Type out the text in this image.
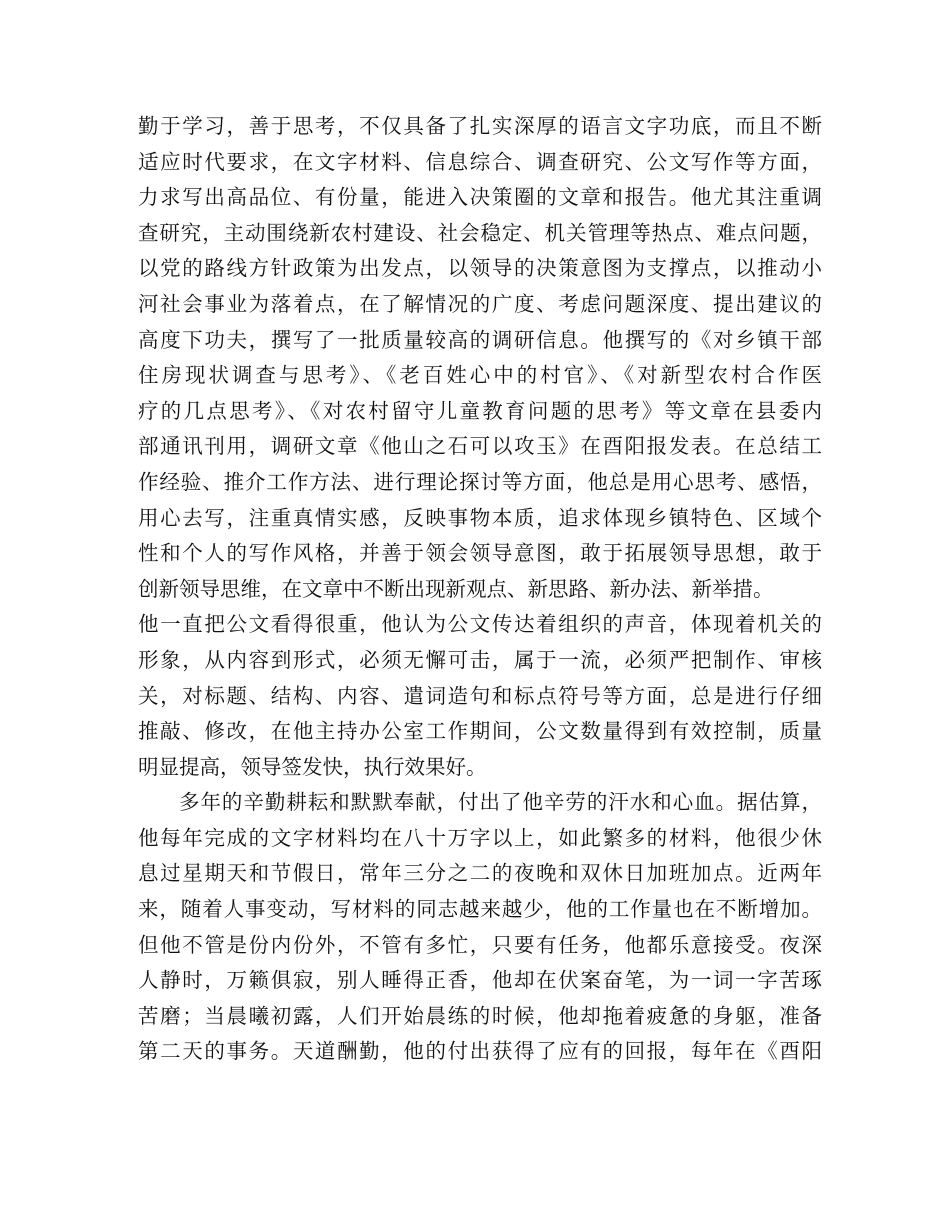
勤于学习，善于思考，不仅具备了扎实深厚的语言文字功底，而且不断
适应时代要求，在文字材料、信息综合、调查研究、公文写作等方面，
力求写出高品位、有份量，能进入决策圈的文章和报告。他尤其注重调
查研究，主动围绕新农村建设、社会稳定、机关管理等热点、难点问题，
以党的路线方针政策为出发点，以领导的决策意图为支撑点，以推动小
河社会事业为落着点，在了解情况的广度、考虑问题深度、提出建议的
高度下功夫，撰写了一批质量较高的调研信息。他撰写的《对乡镇干部
住房现状调查与思考》、《老百姓心中的村官》、《对新型农村合作医
疗的几点思考》、《对农村留守儿童教育问题的思考》等文章在县委内
部通讯刊用，调研文章《他山之石可以攻玉》在酉阳报发表。在总结工
作经验、推介工作方法、进行理论探讨等方面，他总是用心思考、感悟，
用心去写，注重真情实感，反映事物本质，追求体现乡镇特色、区域个
性和个人的写作风格，并善于领会领导意图，敢于拓展领导思想，敢于
创新领导思维，在文章中不断出现新观点、新思路、新办法、新举措。
他一直把公文看得很重，他认为公文传达着组织的声音，体现着机关的
形象，从内容到形式，必须无懈可击，属于一流，必须严把制作、审核
关，对标题、结构、内容、遣词造句和标点符号等方面，总是进行仔细
推敲、修改，在他主持办公室工作期间，公文数量得到有效控制，质量
明显提高，领导签发快，执行效果好。
多年的辛勤耕耘和默默奉献，付出了他辛劳的汗水和心血。据估算，
他每年完成的文字材料均在八十万字以上，如此繁多的材料，他很少休
息过星期天和节假日，常年三分之二的夜晚和双休日加班加点。近两年
来，随着人事变动，写材料的同志越来越少，他的工作量也在不断增加。
但他不管是份内份外，不管有多忙，只要有任务，他都乐意接受。夜深
人静时，万籁俱寂，别人睡得正香，他却在伏案奋笔，为一词一字苦琢
苦磨；当晨曦初露，人们开始晨练的时候，他却拖着疲惫的身躯，准备
第二天的事务。天道酬勤，他的付出获得了应有的回报，每年在《酉阳
